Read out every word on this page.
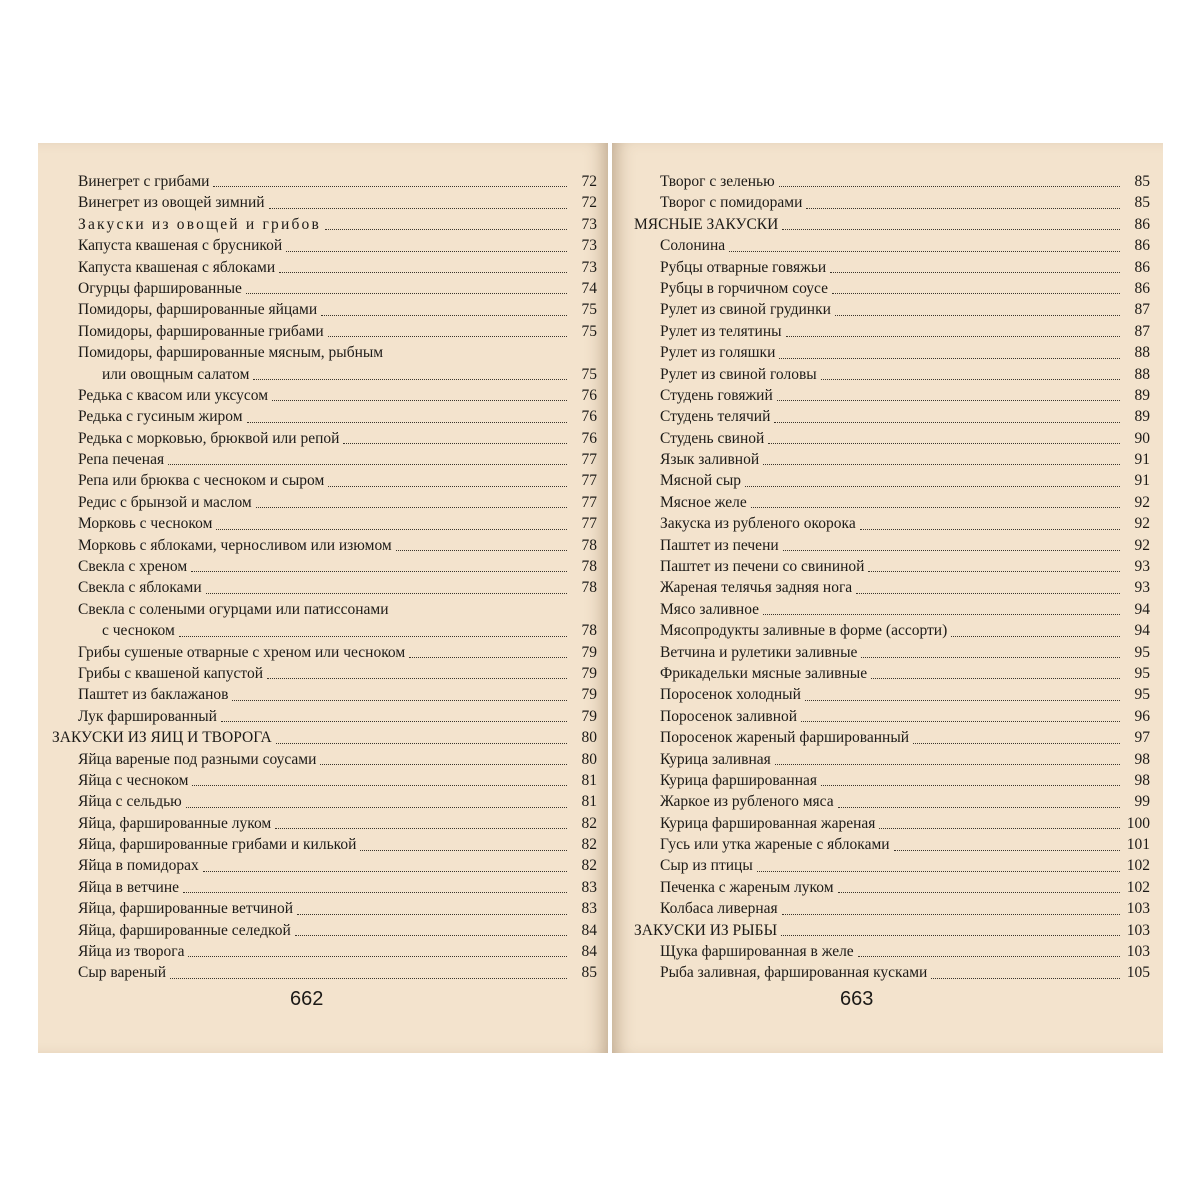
Винегрет с грибами	72
Винегрет из овощей зимний	72
Закуски из овощей и грибов	73
Капуста квашеная с брусникой	73
Капуста квашеная с яблоками	73
Огурцы фаршированные	74
Помидоры, фаршированные яйцами	75
Помидоры, фаршированные грибами	75
Помидоры, фаршированные мясным, рыбным
или овощным салатом	75
Редька с квасом или уксусом	76
Редька с гусиным жиром	76
Редька с морковью, брюквой или репой	76
Репа печеная	77
Репа или брюква с чесноком и сыром	77
Редис с брынзой и маслом	77
Морковь с чесноком	77
Морковь с яблоками, черносливом или изюмом	78
Свекла с хреном	78
Свекла с яблоками	78
Свекла с солеными огурцами или патиссонами
с чесноком	78
Грибы сушеные отварные с хреном или чесноком	79
Грибы с квашеной капустой	79
Паштет из баклажанов	79
Лук фаршированный	79
ЗАКУСКИ ИЗ ЯИЦ И ТВОРОГА	80
Яйца вареные под разными соусами	80
Яйца с чесноком	81
Яйца с сельдью	81
Яйца, фаршированные луком	82
Яйца, фаршированные грибами и килькой	82
Яйца в помидорах	82
Яйца в ветчине	83
Яйца, фаршированные ветчиной	83
Яйца, фаршированные селедкой	84
Яйца из творога	84
Сыр вареный	85
662
Творог с зеленью	85
Творог с помидорами	85
МЯСНЫЕ ЗАКУСКИ	86
Солонина	86
Рубцы отварные говяжьи	86
Рубцы в горчичном соусе	86
Рулет из свиной грудинки	87
Рулет из телятины	87
Рулет из голяшки	88
Рулет из свиной головы	88
Студень говяжий	89
Студень телячий	89
Студень свиной	90
Язык заливной	91
Мясной сыр	91
Мясное желе	92
Закуска из рубленого окорока	92
Паштет из печени	92
Паштет из печени со свининой	93
Жареная телячья задняя нога	93
Мясо заливное	94
Мясопродукты заливные в форме (ассорти)	94
Ветчина и рулетики заливные	95
Фрикадельки мясные заливные	95
Поросенок холодный	95
Поросенок заливной	96
Поросенок жареный фаршированный	97
Курица заливная	98
Курица фаршированная	98
Жаркое из рубленого мяса	99
Курица фаршированная жареная	100
Гусь или утка жареные с яблоками	101
Сыр из птицы	102
Печенка с жареным луком	102
Колбаса ливерная	103
ЗАКУСКИ ИЗ РЫБЫ	103
Щука фаршированная в желе	103
Рыба заливная, фаршированная кусками	105
663
